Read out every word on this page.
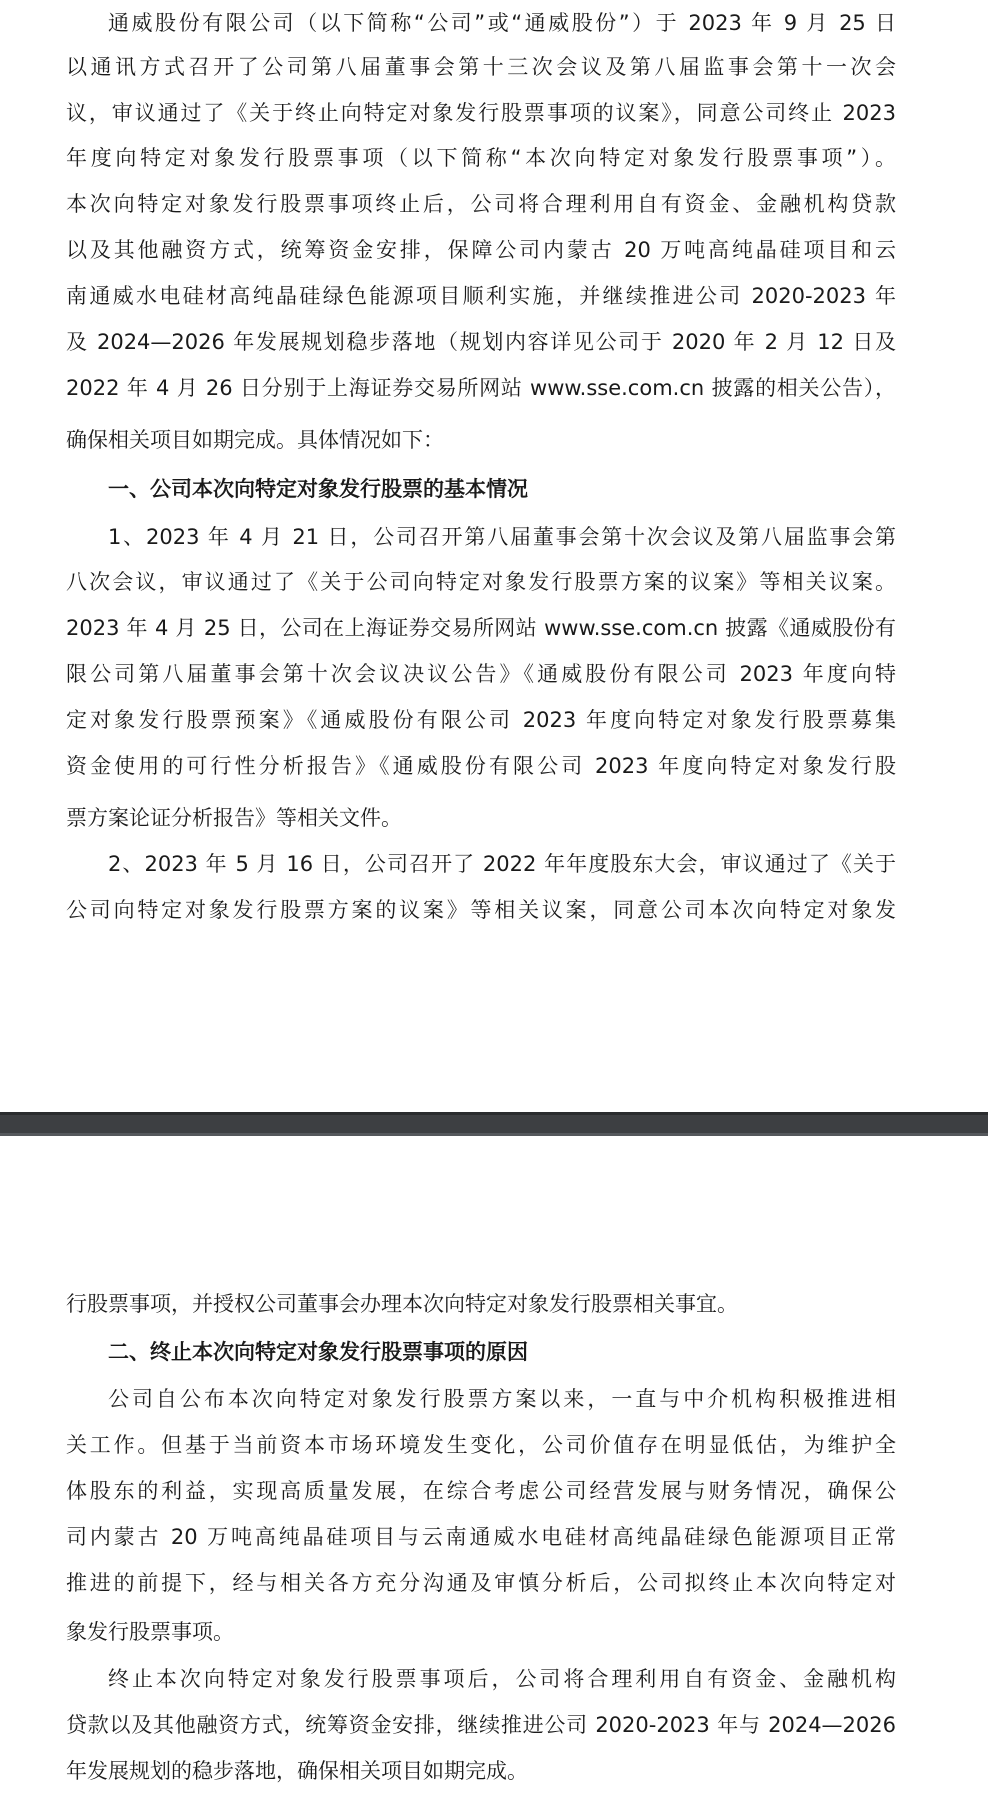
通威股份有限公司（以下简称“公司”或“通威股份”）于 2023 年 9 月 25 日
以通讯方式召开了公司第八届董事会第十三次会议及第八届监事会第十一次会
议，审议通过了《关于终止向特定对象发行股票事项的议案》，同意公司终止 2023
年度向特定对象发行股票事项（以下简称“本次向特定对象发行股票事项”）。
本次向特定对象发行股票事项终止后，公司将合理利用自有资金、金融机构贷款
以及其他融资方式，统筹资金安排，保障公司内蒙古 20 万吨高纯晶硅项目和云
南通威水电硅材高纯晶硅绿色能源项目顺利实施，并继续推进公司 2020-2023 年
及 2024—2026 年发展规划稳步落地（规划内容详见公司于 2020 年 2 月 12 日及
2022 年 4 月 26 日分别于上海证券交易所网站 www.sse.com.cn 披露的相关公告），
确保相关项目如期完成。具体情况如下：
一、公司本次向特定对象发行股票的基本情况
1、2023 年 4 月 21 日，公司召开第八届董事会第十次会议及第八届监事会第
八次会议，审议通过了《关于公司向特定对象发行股票方案的议案》等相关议案。
2023 年 4 月 25 日，公司在上海证券交易所网站 www.sse.com.cn 披露《通威股份有
限公司第八届董事会第十次会议决议公告》《通威股份有限公司 2023 年度向特
定对象发行股票预案》《通威股份有限公司 2023 年度向特定对象发行股票募集
资金使用的可行性分析报告》《通威股份有限公司 2023 年度向特定对象发行股
票方案论证分析报告》等相关文件。
2、2023 年 5 月 16 日，公司召开了 2022 年年度股东大会，审议通过了《关于
公司向特定对象发行股票方案的议案》等相关议案，同意公司本次向特定对象发
行股票事项，并授权公司董事会办理本次向特定对象发行股票相关事宜。
二、终止本次向特定对象发行股票事项的原因
公司自公布本次向特定对象发行股票方案以来，一直与中介机构积极推进相
关工作。但基于当前资本市场环境发生变化，公司价值存在明显低估，为维护全
体股东的利益，实现高质量发展，在综合考虑公司经营发展与财务情况，确保公
司内蒙古 20 万吨高纯晶硅项目与云南通威水电硅材高纯晶硅绿色能源项目正常
推进的前提下，经与相关各方充分沟通及审慎分析后，公司拟终止本次向特定对
象发行股票事项。
终止本次向特定对象发行股票事项后，公司将合理利用自有资金、金融机构
贷款以及其他融资方式，统筹资金安排，继续推进公司 2020-2023 年与 2024—2026
年发展规划的稳步落地，确保相关项目如期完成。
